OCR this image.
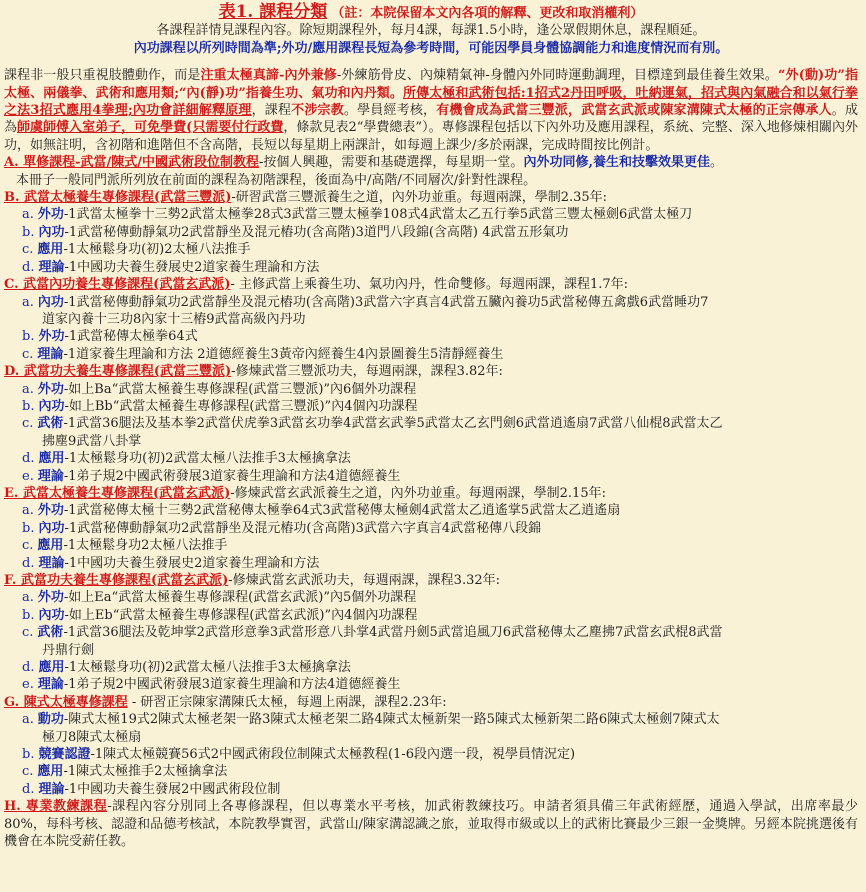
表1. 課程分類 （註：本院保留本文內各項的解釋、更改和取消權利）

各課程詳情見課程內容。除短期課程外，每月4課，每課1.5小時，逢公眾假期休息，課程順延。

內功課程以所列時間為準;外功/應用課程長短為參考時間，可能因學員身體協調能力和進度情況而有別。

課程非一般只重視肢體動作，而是注重太極真諦-內外兼修-外練筋骨皮、內煉精氣神-身體內外同時運動調理，目標達到最佳養生效果。“外(動)功”指太極、兩儀拳、武術和應用類;“內(靜)功”指養生功、氣功和內丹類。所傳太極和武術包括:1招式2丹田呼吸，吐納運氣，招式與內氣融合和以氣行拳之法3招式應用4拳理;內功會詳細解釋原理，課程不涉宗教。學員經考核，有機會成為武當三豐派，武當玄武派或陳家溝陳式太極的正宗傳承人。成為師虞師傅入室弟子，可免學費(只需要付行政費，條款見表2“學費總表”）。專修課程包括以下內外功及應用課程，系統、完整、深入地修煉相關內外功，如無註明，含初階和進階但不含高階，長短以每星期上兩課計，如每週上課少/多於兩課，完成時間按比例計。

A. 單修課程-武當/陳式/中國武術段位制教程-按個人興趣，需要和基礎選擇，每星期一堂。內外功同修,養生和技擊效果更佳。

本冊子一般同門派所列放在前面的課程為初階課程，後面為中/高階/不同層次/針對性課程。

B. 武當太極養生專修課程(武當三豐派)-研習武當三豐派養生之道，內外功並重。每週兩課，學制2.35年:

a. 外功-1武當太極拳十三勢2武當太極拳28式3武當三豐太極拳108式4武當太乙五行拳5武當三豐太極劍6武當太極刀

b. 內功-1武當秘傳動靜氣功2武當靜坐及混元樁功(含高階)3道門八段錦(含高階) 4武當五形氣功

c. 應用-1太極鬆身功(初)2太極八法推手

d. 理論-1中國功夫養生發展史2道家養生理論和方法

C. 武當內功養生專修課程(武當玄武派)- 主修武當上乘養生功、氣功內丹，性命雙修。每週兩課，課程1.7年:

a. 內功-1武當秘傳動靜氣功2武當靜坐及混元樁功(含高階)3武當六字真言4武當五臟內養功5武當秘傳五禽戲6武當睡功7

道家內養十三功8內家十三樁9武當高級內丹功

b. 外功-1武當秘傳太極拳64式

c. 理論-1道家養生理論和方法 2道德經養生3黃帝內經養生4內景圖養生5清靜經養生

D. 武當功夫養生專修課程(武當三豐派)-修煉武當三豐派功夫，每週兩課，課程3.82年:

a. 外功-如上Ba“武當太極養生專修課程(武當三豐派)”內6個外功課程

b. 內功-如上Bb“武當太極養生專修課程(武當三豐派)”內4個內功課程

c. 武術-1武當36腿法及基本拳2武當伏虎拳3武當玄功拳4武當玄武拳5武當太乙玄門劍6武當逍遙扇7武當八仙棍8武當太乙

拂塵9武當八卦掌

d. 應用-1太極鬆身功(初)2武當太極八法推手3太極擒拿法

e. 理論-1弟子規2中國武術發展3道家養生理論和方法4道德經養生

E. 武當太極養生專修課程(武當玄武派)-修煉武當玄武派養生之道，內外功並重。每週兩課，學制2.15年:

a. 外功-1武當秘傳太極十三勢2武當秘傳太極拳64式3武當秘傳太極劍4武當太乙逍遙掌5武當太乙逍遙扇

b. 內功-1武當秘傳動靜氣功2武當靜坐及混元樁功(含高階)3武當六字真言4武當秘傳八段錦

c. 應用-1太極鬆身功2太極八法推手

d. 理論-1中國功夫養生發展史2道家養生理論和方法

F. 武當功夫養生專修課程(武當玄武派)-修煉武當玄武派功夫，每週兩課，課程3.32年:

a. 外功-如上Ea“武當太極養生專修課程(武當玄武派)”內5個外功課程

b. 內功-如上Eb“武當太極養生專修課程(武當玄武派)”內4個內功課程

c. 武術-1武當36腿法及乾坤掌2武當形意拳3武當形意八卦掌4武當丹劍5武當追風刀6武當秘傳太乙塵拂7武當玄武棍8武當

丹鼎行劍

d. 應用-1太極鬆身功(初)2武當太極八法推手3太極擒拿法

e. 理論-1弟子規2中國武術發展3道家養生理論和方法4道德經養生

G. 陳式太極專修課程 - 研習正宗陳家溝陳氏太極，每週上兩課，課程2.23年:

a. 動功-陳式太極19式2陳式太極老架一路3陳式太極老架二路4陳式太極新架一路5陳式太極新架二路6陳式太極劍7陳式太

極刀8陳式太極扇

b. 競賽認證-1陳式太極競賽56式2中國武術段位制陳式太極教程(1-6段內選一段，視學員情況定)

c. 應用-1陳式太極推手2太極擒拿法

d. 理論-1中國功夫養生發展2中國武術段位制

H. 專業教練課程-課程內容分別同上各專修課程，但以專業水平考核，加武術教練技巧。申請者須具備三年武術經歷，通過入學試，出席率最少80%，每科考核、認證和品德考核試，本院教學實習，武當山/陳家溝認識之旅，並取得市級或以上的武術比賽最少三銀一金獎牌。另經本院挑選後有機會在本院受薪任教。
